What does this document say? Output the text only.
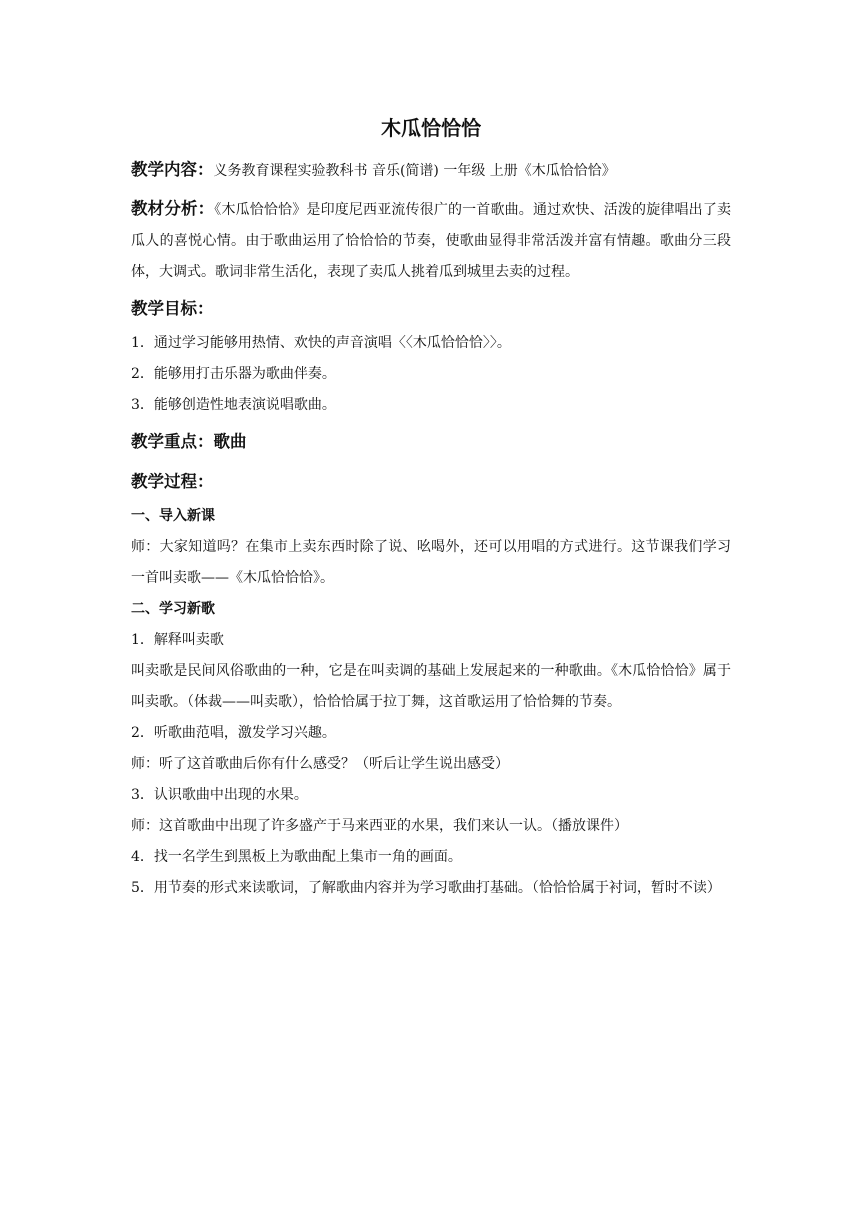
木瓜恰恰恰

教学内容：义务教育课程实验教科书 音乐(简谱) 一年级 上册《木瓜恰恰恰》

教材分析：《木瓜恰恰恰》是印度尼西亚流传很广的一首歌曲。通过欢快、活泼的旋律唱出了卖瓜人的喜悦心情。由于歌曲运用了恰恰恰的节奏，使歌曲显得非常活泼并富有情趣。歌曲分三段体，大调式。歌词非常生活化，表现了卖瓜人挑着瓜到城里去卖的过程。

教学目标：

1．通过学习能够用热情、欢快的声音演唱〈〈木瓜恰恰恰〉〉。

2．能够用打击乐器为歌曲伴奏。

3．能够创造性地表演说唱歌曲。

教学重点：歌曲
教学过程：

一、导入新课

师：大家知道吗？在集市上卖东西时除了说、吆喝外，还可以用唱的方式进行。这节课我们学习一首叫卖歌——《木瓜恰恰恰》。

二、学习新歌

1．解释叫卖歌

叫卖歌是民间风俗歌曲的一种，它是在叫卖调的基础上发展起来的一种歌曲。《木瓜恰恰恰》属于叫卖歌。（体裁——叫卖歌），恰恰恰属于拉丁舞，这首歌运用了恰恰舞的节奏。

2．听歌曲范唱，激发学习兴趣。

师：听了这首歌曲后你有什么感受？（听后让学生说出感受）

3．认识歌曲中出现的水果。

师：这首歌曲中出现了许多盛产于马来西亚的水果，我们来认一认。（播放课件）

4．找一名学生到黑板上为歌曲配上集市一角的画面。

5．用节奏的形式来读歌词，了解歌曲内容并为学习歌曲打基础。（恰恰恰属于衬词，暂时不读）
